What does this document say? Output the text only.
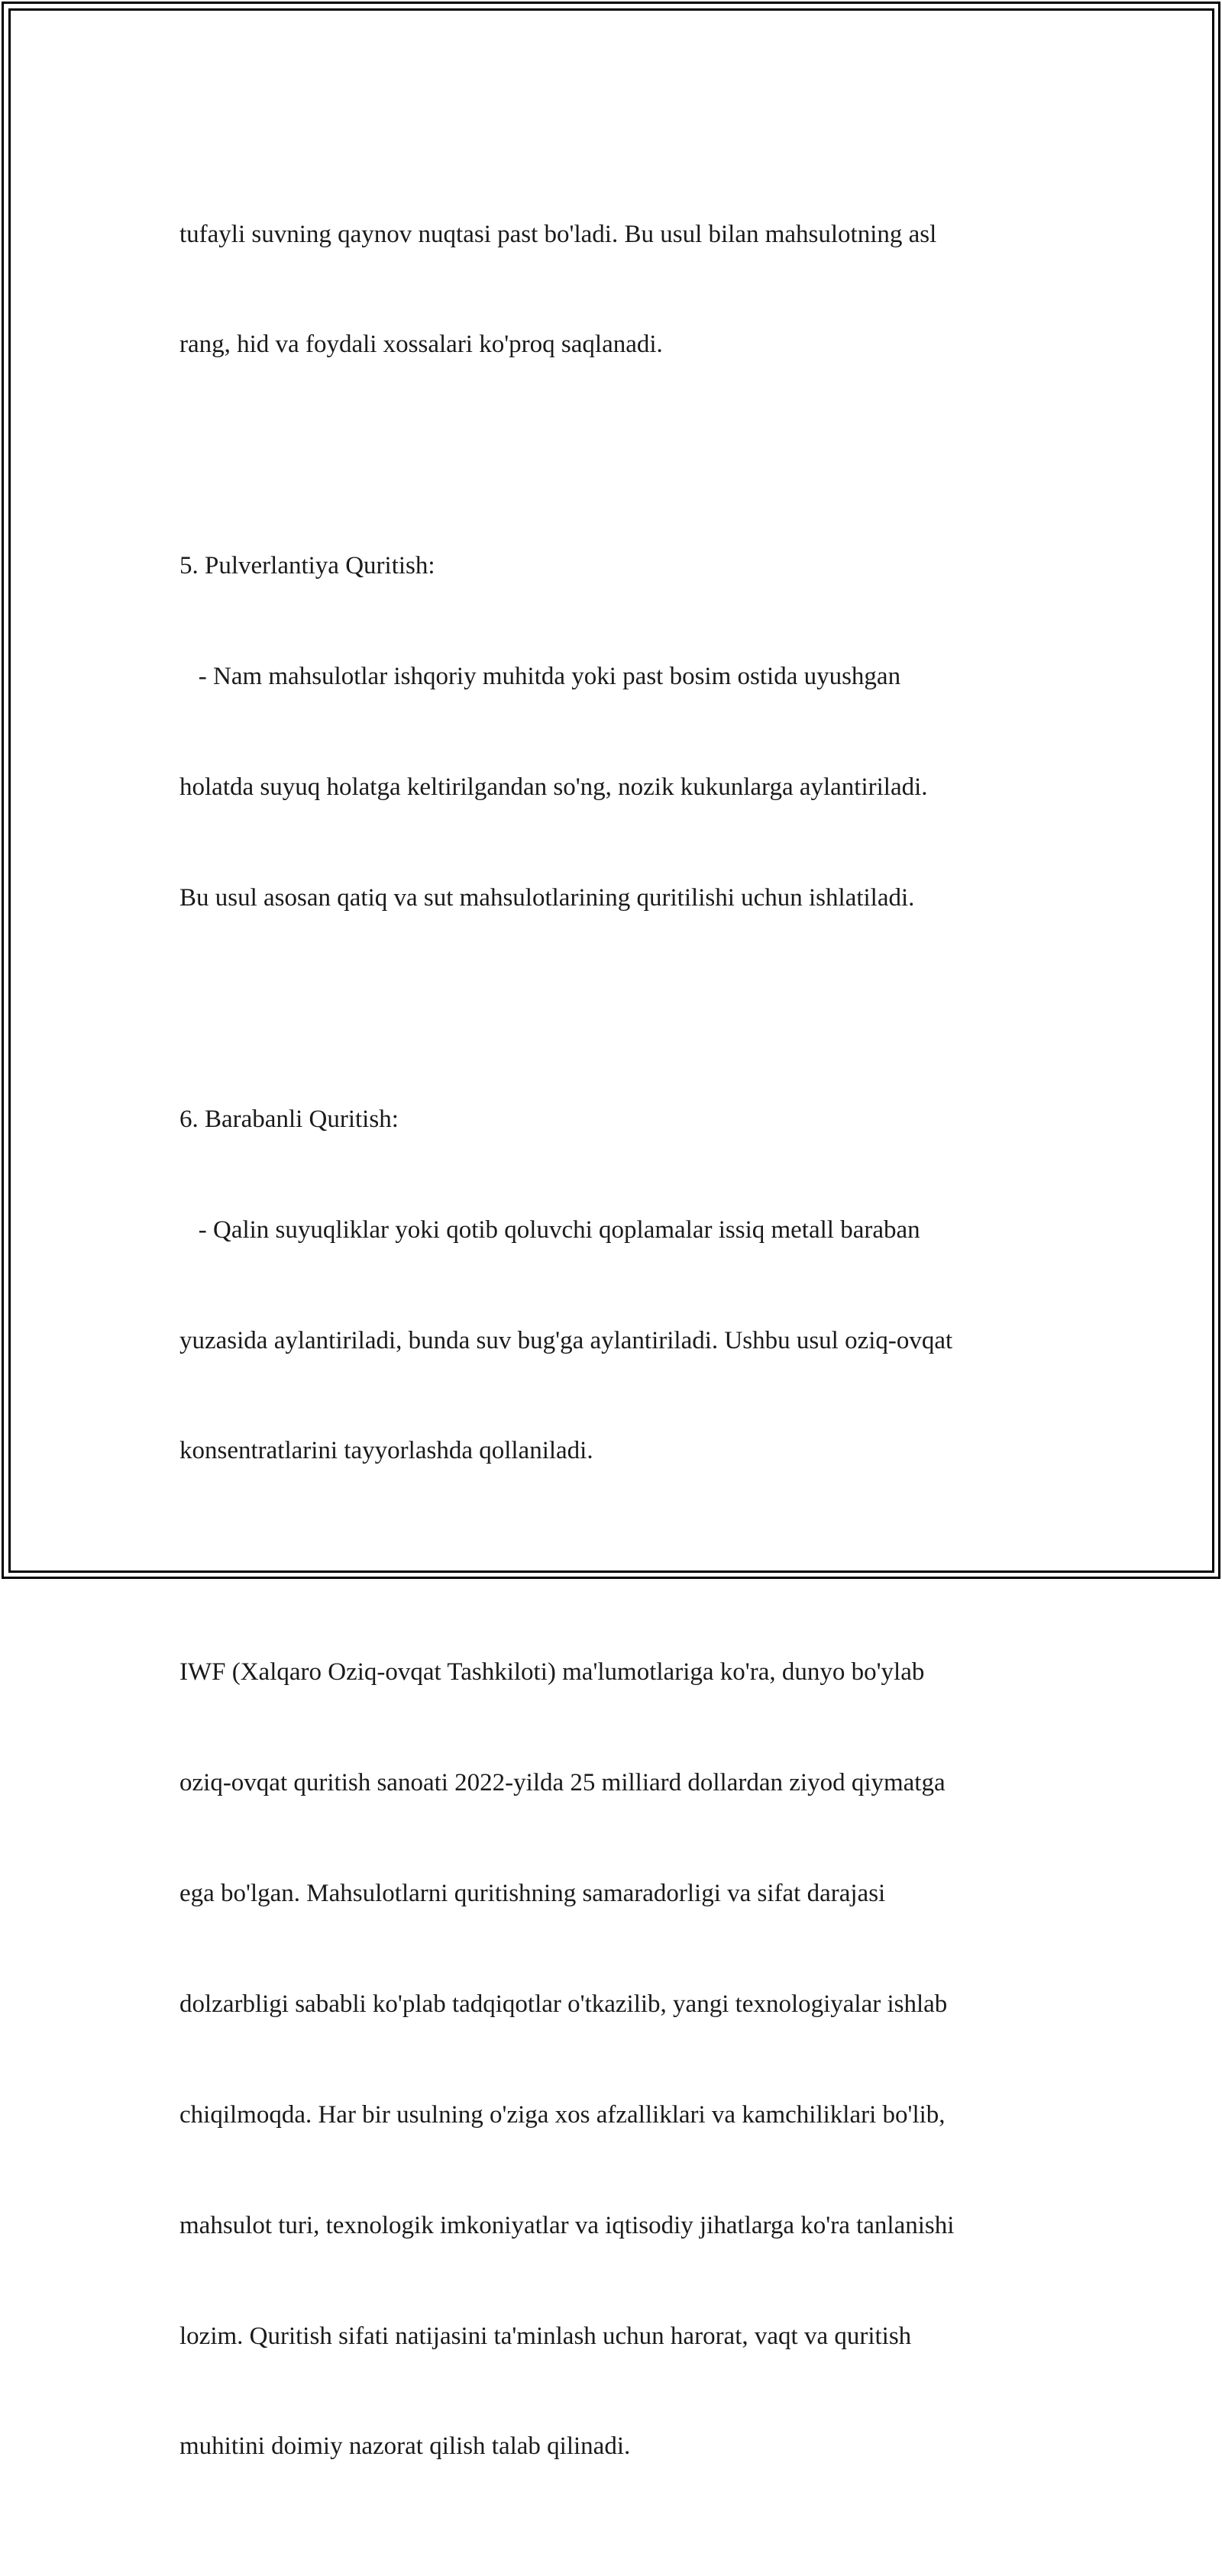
tufayli suvning qaynov nuqtasi past bo'ladi. Bu usul bilan mahsulotning asl

rang, hid va foydali xossalari ko'proq saqlanadi.

5. Pulverlantiya Quritish:

- Nam mahsulotlar ishqoriy muhitda yoki past bosim ostida uyushgan

holatda suyuq holatga keltirilgandan so'ng, nozik kukunlarga aylantiriladi.

Bu usul asosan qatiq va sut mahsulotlarining quritilishi uchun ishlatiladi.

6. Barabanli Quritish:

- Qalin suyuqliklar yoki qotib qoluvchi qoplamalar issiq metall baraban

yuzasida aylantiriladi, bunda suv bug'ga aylantiriladi. Ushbu usul oziq-ovqat

konsentratlarini tayyorlashda qollaniladi.

IWF (Xalqaro Oziq-ovqat Tashkiloti) ma'lumotlariga ko'ra, dunyo bo'ylab

oziq-ovqat quritish sanoati 2022-yilda 25 milliard dollardan ziyod qiymatga

ega bo'lgan. Mahsulotlarni quritishning samaradorligi va sifat darajasi

dolzarbligi sababli ko'plab tadqiqotlar o'tkazilib, yangi texnologiyalar ishlab

chiqilmoqda. Har bir usulning o'ziga xos afzalliklari va kamchiliklari bo'lib,

mahsulot turi, texnologik imkoniyatlar va iqtisodiy jihatlarga ko'ra tanlanishi

lozim. Quritish sifati natijasini ta'minlash uchun harorat, vaqt va quritish

muhitini doimiy nazorat qilish talab qilinadi.
